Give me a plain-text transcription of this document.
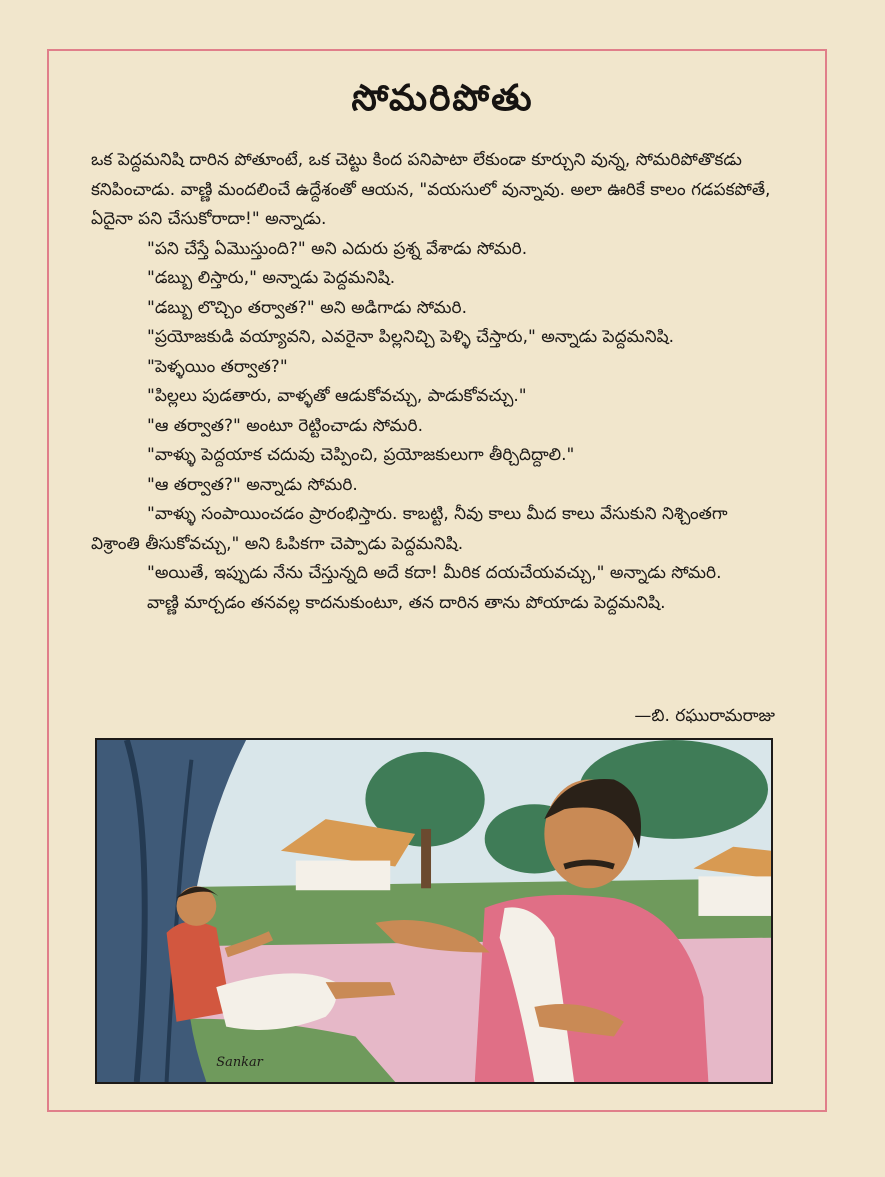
సోమరిపోతు

ఒక పెద్దమనిషి దారిన పోతూంటే, ఒక చెట్టు కింద పనిపాటా లేకుండా కూర్చుని వున్న, సోమరిపోతొకడు కనిపించాడు. వాణ్ణి మందలించే ఉద్దేశంతో ఆయన, "వయసులో వున్నావు. అలా ఊరికే కాలం గడపకపోతే, ఏదైనా పని చేసుకోరాదా!" అన్నాడు.

"పని చేస్తే ఏమొస్తుంది?" అని ఎదురు ప్రశ్న వేశాడు సోమరి.

"డబ్బు లిస్తారు," అన్నాడు పెద్దమనిషి.

"డబ్బు లొచ్చిం తర్వాత?" అని అడిగాడు సోమరి.

"ప్రయోజకుడి వయ్యావని, ఎవరైనా పిల్లనిచ్చి పెళ్ళి చేస్తారు," అన్నాడు పెద్దమనిషి.

"పెళ్ళయిం తర్వాత?"

"పిల్లలు పుడతారు, వాళ్ళతో ఆడుకోవచ్చు, పాడుకోవచ్చు."

"ఆ తర్వాత?" అంటూ రెట్టించాడు సోమరి.

"వాళ్ళు పెద్దయాక చదువు చెప్పించి, ప్రయోజకులుగా తీర్చిదిద్దాలి."

"ఆ తర్వాత?" అన్నాడు సోమరి.

"వాళ్ళు సంపాయించడం ప్రారంభిస్తారు. కాబట్టి, నీవు కాలు మీద కాలు వేసుకుని నిశ్చింతగా విశ్రాంతి తీసుకోవచ్చు," అని ఓపికగా చెప్పాడు పెద్దమనిషి.

"అయితే, ఇప్పుడు నేను చేస్తున్నది అదే కదా! మీరిక దయచేయవచ్చు," అన్నాడు సోమరి.

వాణ్ణి మార్చడం తనవల్ల కాదనుకుంటూ, తన దారిన తాను పోయాడు పెద్దమనిషి.

—బి. రఘురామరాజు
Sankar
